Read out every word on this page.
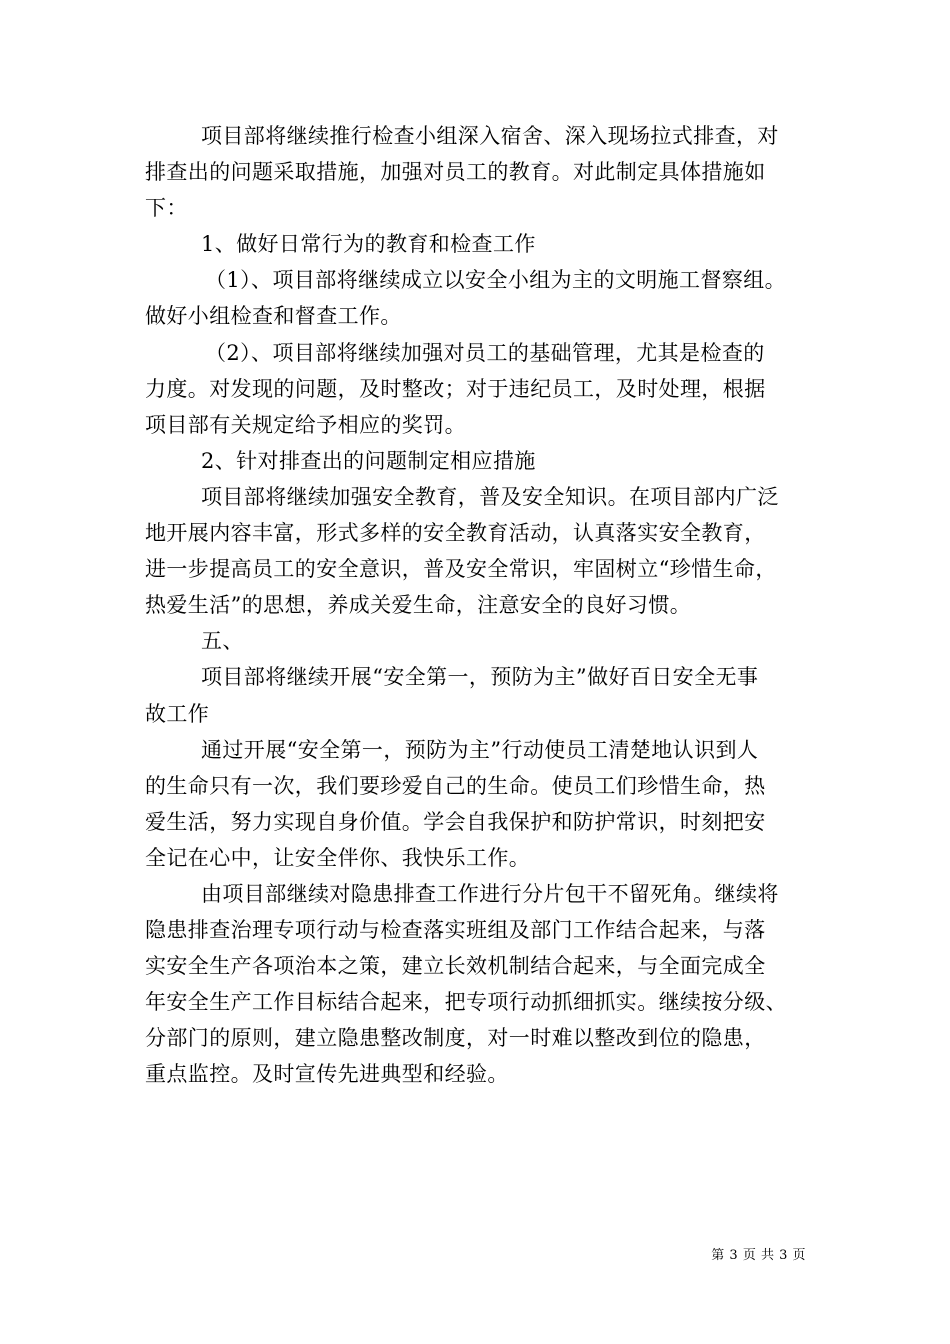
项目部将继续推行检查小组深入宿舍、深入现场拉式排查，对
排查出的问题采取措施，加强对员工的教育。对此制定具体措施如
下：

1、做好日常行为的教育和检查工作

（1）、项目部将继续成立以安全小组为主的文明施工督察组。
做好小组检查和督查工作。

（2）、项目部将继续加强对员工的基础管理，尤其是检查的
力度。对发现的问题，及时整改；对于违纪员工，及时处理，根据
项目部有关规定给予相应的奖罚。

2、针对排查出的问题制定相应措施

项目部将继续加强安全教育，普及安全知识。在项目部内广泛
地开展内容丰富，形式多样的安全教育活动，认真落实安全教育，
进一步提高员工的安全意识，普及安全常识，牢固树立“珍惜生命，
热爱生活”的思想，养成关爱生命，注意安全的良好习惯。

五、

项目部将继续开展“安全第一，预防为主”做好百日安全无事
故工作

通过开展“安全第一，预防为主”行动使员工清楚地认识到人
的生命只有一次，我们要珍爱自己的生命。使员工们珍惜生命，热
爱生活，努力实现自身价值。学会自我保护和防护常识，时刻把安
全记在心中，让安全伴你、我快乐工作。

由项目部继续对隐患排查工作进行分片包干不留死角。继续将
隐患排查治理专项行动与检查落实班组及部门工作结合起来，与落
实安全生产各项治本之策，建立长效机制结合起来，与全面完成全
年安全生产工作目标结合起来，把专项行动抓细抓实。继续按分级、
分部门的原则，建立隐患整改制度，对一时难以整改到位的隐患，
重点监控。及时宣传先进典型和经验。

第 3 页 共 3 页
